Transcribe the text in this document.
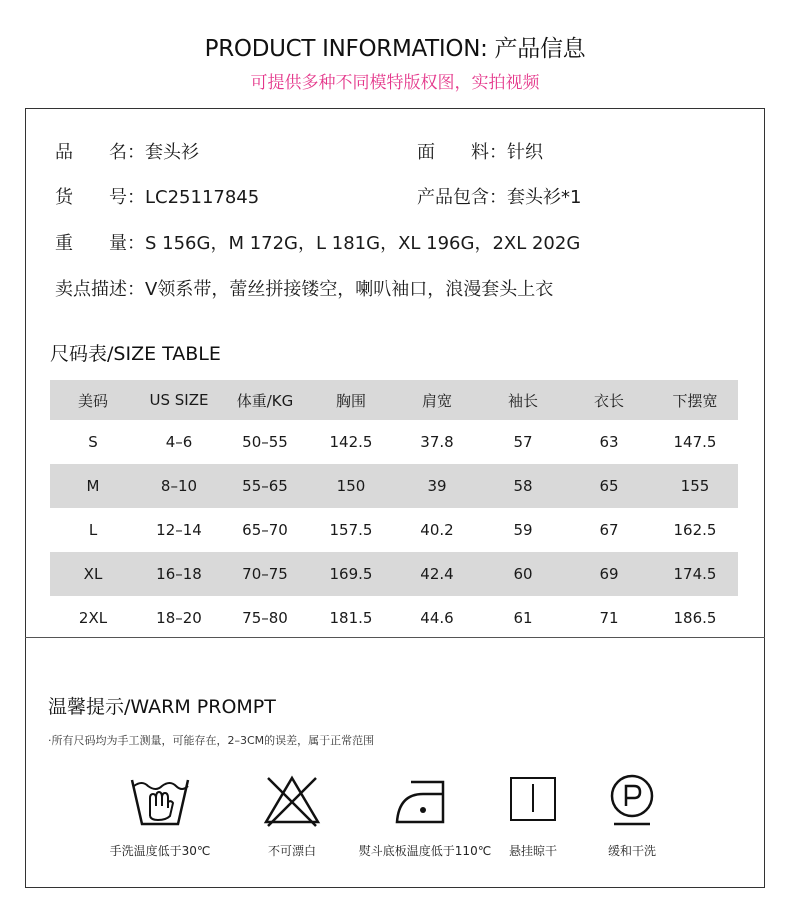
PRODUCT INFORMATION: 产品信息
可提供多种不同模特版权图，实拍视频
品　　名：套头衫	面　　料：针织
货　　号：LC25117845	产品包含：套头衫*1
重　　量：S 156G，M 172G，L 181G，XL 196G，2XL 202G
卖点描述：V领系带，蕾丝拼接镂空，喇叭袖口，浪漫套头上衣
尺码表/SIZE TABLE
美码	US SIZE	体重/KG	胸围	肩宽	袖长	衣长	下摆宽
S	4–6	50–55	142.5	37.8	57	63	147.5
M	8–10	55–65	150	39	58	65	155
L	12–14	65–70	157.5	40.2	59	67	162.5
XL	16–18	70–75	169.5	42.4	60	69	174.5
2XL	18–20	75–80	181.5	44.6	61	71	186.5
温馨提示/WARM PROMPT
·所有尺码均为手工测量，可能存在，2–3CM的误差，属于正常范围
手洗温度低于30℃	不可漂白	熨斗底板温度低于110℃	悬挂晾干	缓和干洗
